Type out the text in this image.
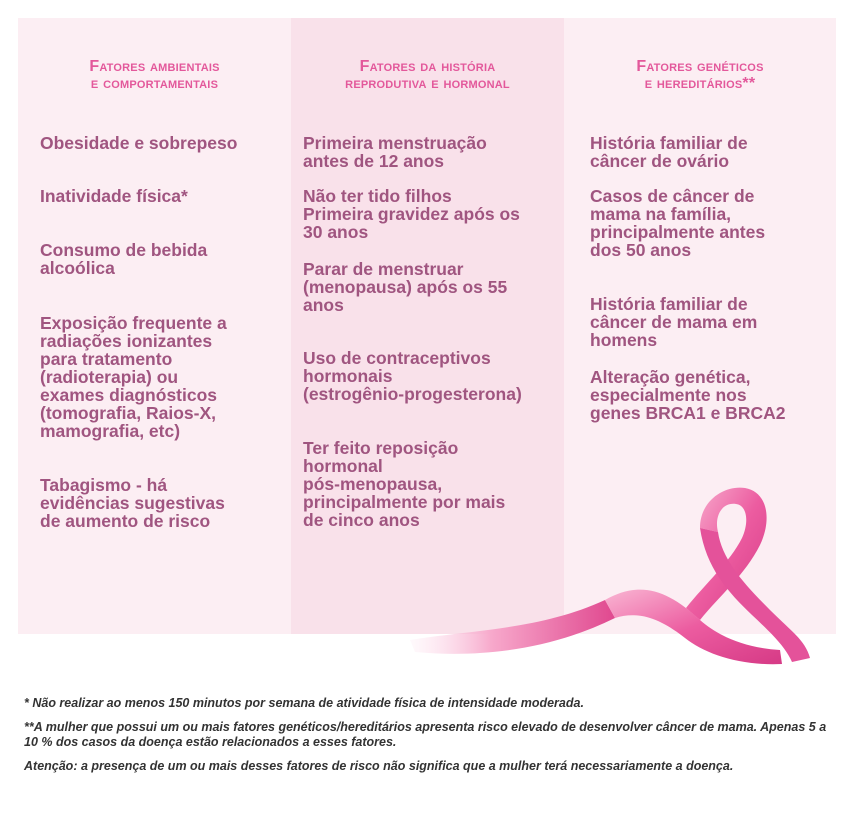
Fatores ambientais
e comportamentais
Obesidade e sobrepeso
Inatividade física*
Consumo de bebida
alcoólica
Exposição frequente a
radiações ionizantes
para tratamento
(radioterapia) ou
exames diagnósticos
(tomografia, Raios-X,
mamografia, etc)
Tabagismo - há
evidências sugestivas
de aumento de risco
Fatores da história
reprodutiva e hormonal
Primeira menstruação
antes de 12 anos
Não ter tido filhos
Primeira gravidez após os
30 anos
Parar de menstruar
(menopausa) após os 55
anos
Uso de contraceptivos
hormonais
(estrogênio-progesterona)
Ter feito reposição
hormonal
pós-menopausa,
principalmente por mais
de cinco anos
Fatores genéticos
e hereditários**
História familiar de
câncer de ovário
Casos de câncer de
mama na família,
principalmente antes
dos 50 anos
História familiar de
câncer de mama em
homens
Alteração genética,
especialmente nos
genes BRCA1 e BRCA2

* Não realizar ao menos 150 minutos por semana de atividade física de intensidade moderada.

**A mulher que possui um ou mais fatores genéticos/hereditários apresenta risco elevado de desenvolver câncer de mama. Apenas 5 a 10 % dos casos da doença estão relacionados a esses fatores.

Atenção: a presença de um ou mais desses fatores de risco não significa que a mulher terá necessariamente a doença.
